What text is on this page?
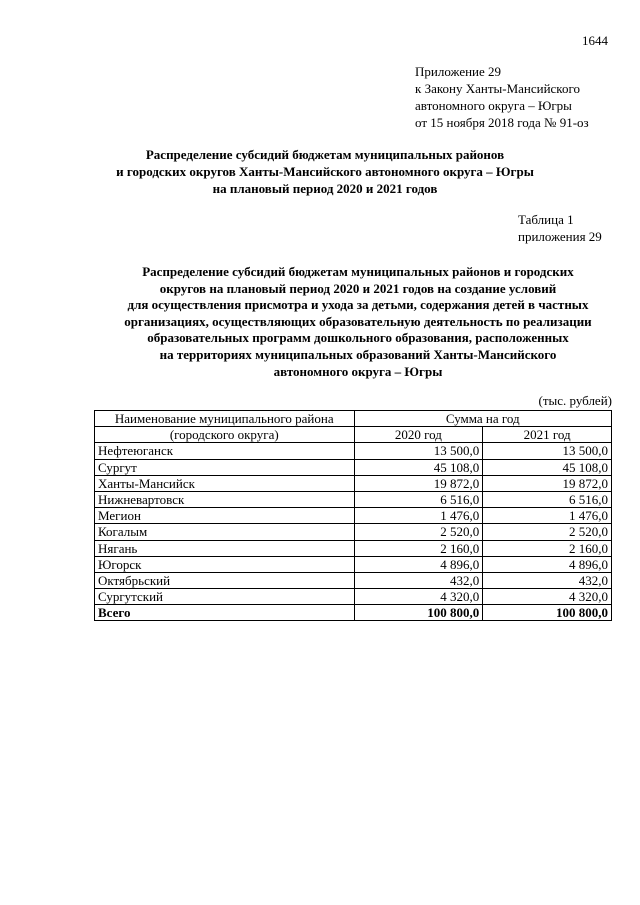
1644
Приложение 29
к Закону Ханты-Мансийского
автономного округа – Югры
от 15 ноября 2018 года № 91-оз
Распределение субсидий бюджетам муниципальных районов
и городских округов Ханты-Мансийского автономного округа – Югры
на плановый период 2020 и 2021 годов
Таблица 1
приложения 29
Распределение субсидий бюджетам муниципальных районов и городских
округов на плановый период 2020 и 2021 годов на создание условий
для осуществления присмотра и ухода за детьми, содержания детей в частных
организациях, осуществляющих образовательную деятельность по реализации
образовательных программ дошкольного образования, расположенных
на территориях муниципальных образований Ханты-Мансийского
автономного округа – Югры
(тыс. рублей)
Наименование муниципального района	Сумма на год	
(городского округа)	2020 год	2021 год
Нефтеюганск	13 500,0	13 500,0
Сургут	45 108,0	45 108,0
Ханты-Мансийск	19 872,0	19 872,0
Нижневартовск	6 516,0	6 516,0
Мегион	1 476,0	1 476,0
Когалым	2 520,0	2 520,0
Нягань	2 160,0	2 160,0
Югорск	4 896,0	4 896,0
Октябрьский	432,0	432,0
Сургутский	4 320,0	4 320,0
Всего	100 800,0	100 800,0
